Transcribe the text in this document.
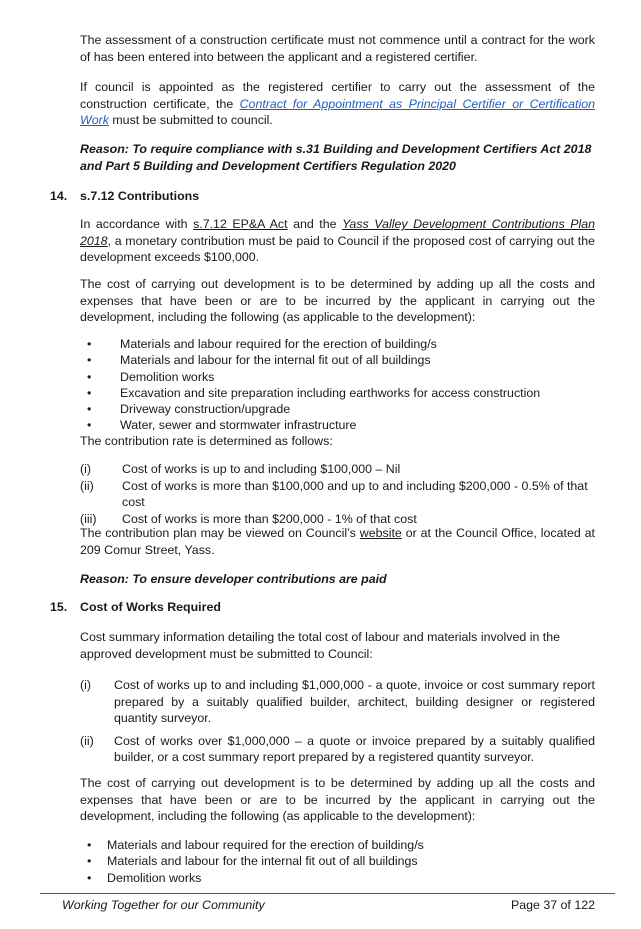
The assessment of a construction certificate must not commence until a contract for the work of has been entered into between the applicant and a registered certifier.

If council is appointed as the registered certifier to carry out the assessment of the construction certificate, the Contract for Appointment as Principal Certifier or Certification Work must be submitted to council.

Reason: To require compliance with s.31 Building and Development Certifiers Act 2018 and Part 5 Building and Development Certifiers Regulation 2020

14. s.7.12 Contributions

In accordance with s.7.12 EP&A Act and the Yass Valley Development Contributions Plan 2018, a monetary contribution must be paid to Council if the proposed cost of carrying out the development exceeds $100,000.

The cost of carrying out development is to be determined by adding up all the costs and expenses that have been or are to be incurred by the applicant in carrying out the development, including the following (as applicable to the development):

• Materials and labour required for the erection of building/s
• Materials and labour for the internal fit out of all buildings
• Demolition works
• Excavation and site preparation including earthworks for access construction
• Driveway construction/upgrade
• Water, sewer and stormwater infrastructure

The contribution rate is determined as follows:

(i) Cost of works is up to and including $100,000 – Nil
(ii) Cost of works is more than $100,000 and up to and including $200,000 - 0.5% of that cost
(iii) Cost of works is more than $200,000 - 1% of that cost

The contribution plan may be viewed on Council’s website or at the Council Office, located at 209 Comur Street, Yass.

Reason: To ensure developer contributions are paid

15. Cost of Works Required

Cost summary information detailing the total cost of labour and materials involved in the approved development must be submitted to Council:

(i) Cost of works up to and including $1,000,000 - a quote, invoice or cost summary report prepared by a suitably qualified builder, architect, building designer or registered quantity surveyor.
(ii) Cost of works over $1,000,000 – a quote or invoice prepared by a suitably qualified builder, or a cost summary report prepared by a registered quantity surveyor.

The cost of carrying out development is to be determined by adding up all the costs and expenses that have been or are to be incurred by the applicant in carrying out the development, including the following (as applicable to the development):

• Materials and labour required for the erection of building/s
• Materials and labour for the internal fit out of all buildings
• Demolition works
Working Together for our Community	Page 37 of 122
